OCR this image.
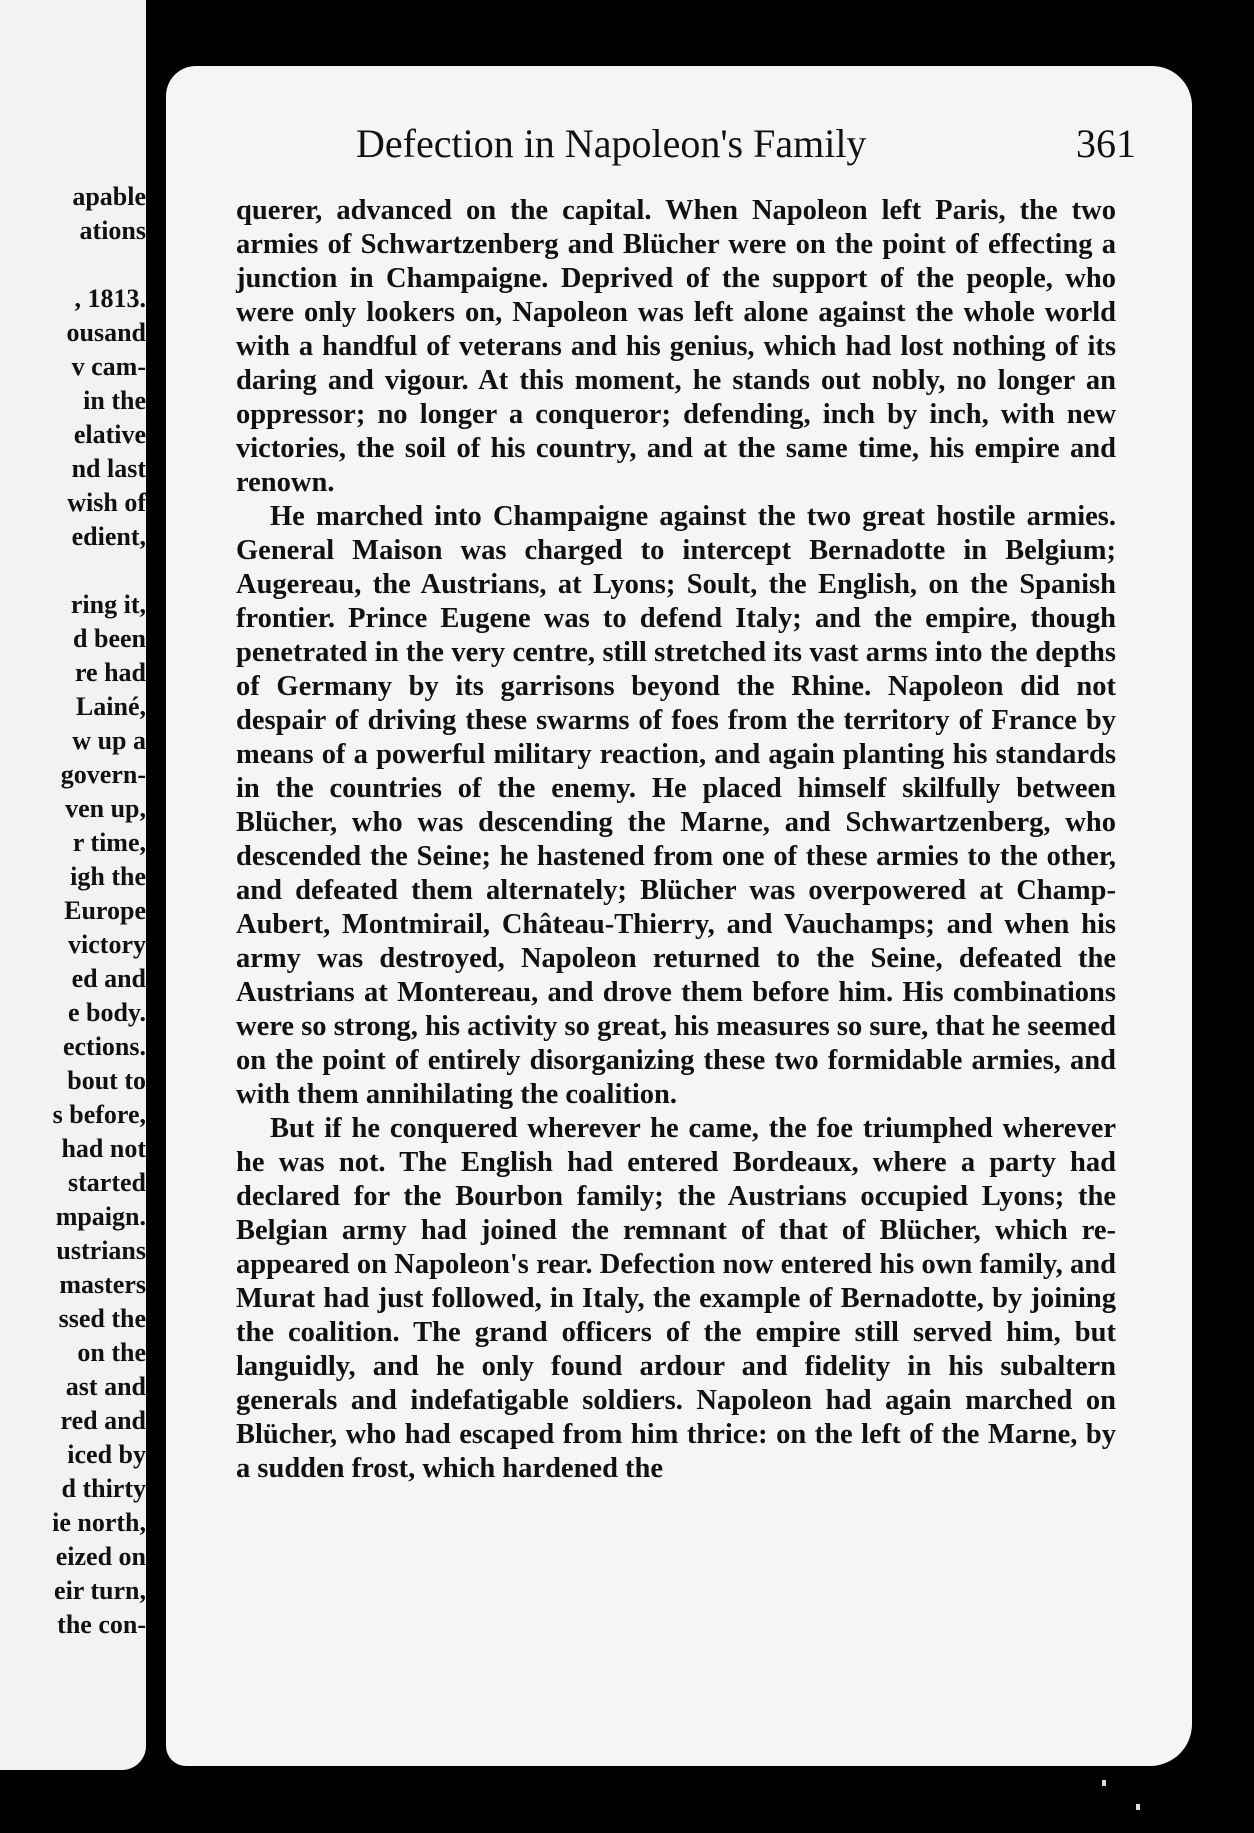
apable
ations
, 1813.
ousand
v cam-
in the
elative
nd last
wish of
edient,
ring it,
d been
re had
Lainé,
w up a
govern-
ven up,
r time,
igh the
Europe
victory
ed and
e body.
ections.
bout to
s before,
had not
started
mpaign.
ustrians
masters
ssed the
on the
ast and
red and
iced by
d thirty
ie north,
eized on
eir turn,
the con-
Defection in Napoleon's Family	361

querer, advanced on the capital. When Napoleon left Paris, the two armies of Schwartzenberg and Blücher were on the point of effecting a junction in Champaigne. Deprived of the support of the people, who were only lookers on, Napoleon was left alone against the whole world with a handful of veterans and his genius, which had lost nothing of its daring and vigour. At this moment, he stands out nobly, no longer an oppressor; no longer a conqueror; defending, inch by inch, with new victories, the soil of his country, and at the same time, his empire and renown.

He marched into Champaigne against the two great hostile armies. General Maison was charged to intercept Bernadotte in Belgium; Augereau, the Austrians, at Lyons; Soult, the English, on the Spanish frontier. Prince Eugene was to defend Italy; and the empire, though penetrated in the very centre, still stretched its vast arms into the depths of Germany by its garrisons beyond the Rhine. Napoleon did not despair of driving these swarms of foes from the territory of France by means of a powerful military reaction, and again planting his standards in the countries of the enemy. He placed himself skilfully between Blücher, who was descending the Marne, and Schwartzenberg, who descended the Seine; he hastened from one of these armies to the other, and defeated them alternately; Blücher was overpowered at Champ-Aubert, Montmirail, Château-Thierry, and Vauchamps; and when his army was destroyed, Napoleon returned to the Seine, defeated the Austrians at Montereau, and drove them before him. His combinations were so strong, his activity so great, his measures so sure, that he seemed on the point of entirely disorganizing these two formidable armies, and with them annihilating the coalition.

But if he conquered wherever he came, the foe triumphed wherever he was not. The English had entered Bordeaux, where a party had declared for the Bourbon family; the Austrians occupied Lyons; the Belgian army had joined the remnant of that of Blücher, which re-appeared on Napoleon's rear. Defection now entered his own family, and Murat had just followed, in Italy, the example of Bernadotte, by joining the coalition. The grand officers of the empire still served him, but languidly, and he only found ardour and fidelity in his subaltern generals and indefatigable soldiers. Napoleon had again marched on Blücher, who had escaped from him thrice: on the left of the Marne, by a sudden frost, which hardened the
